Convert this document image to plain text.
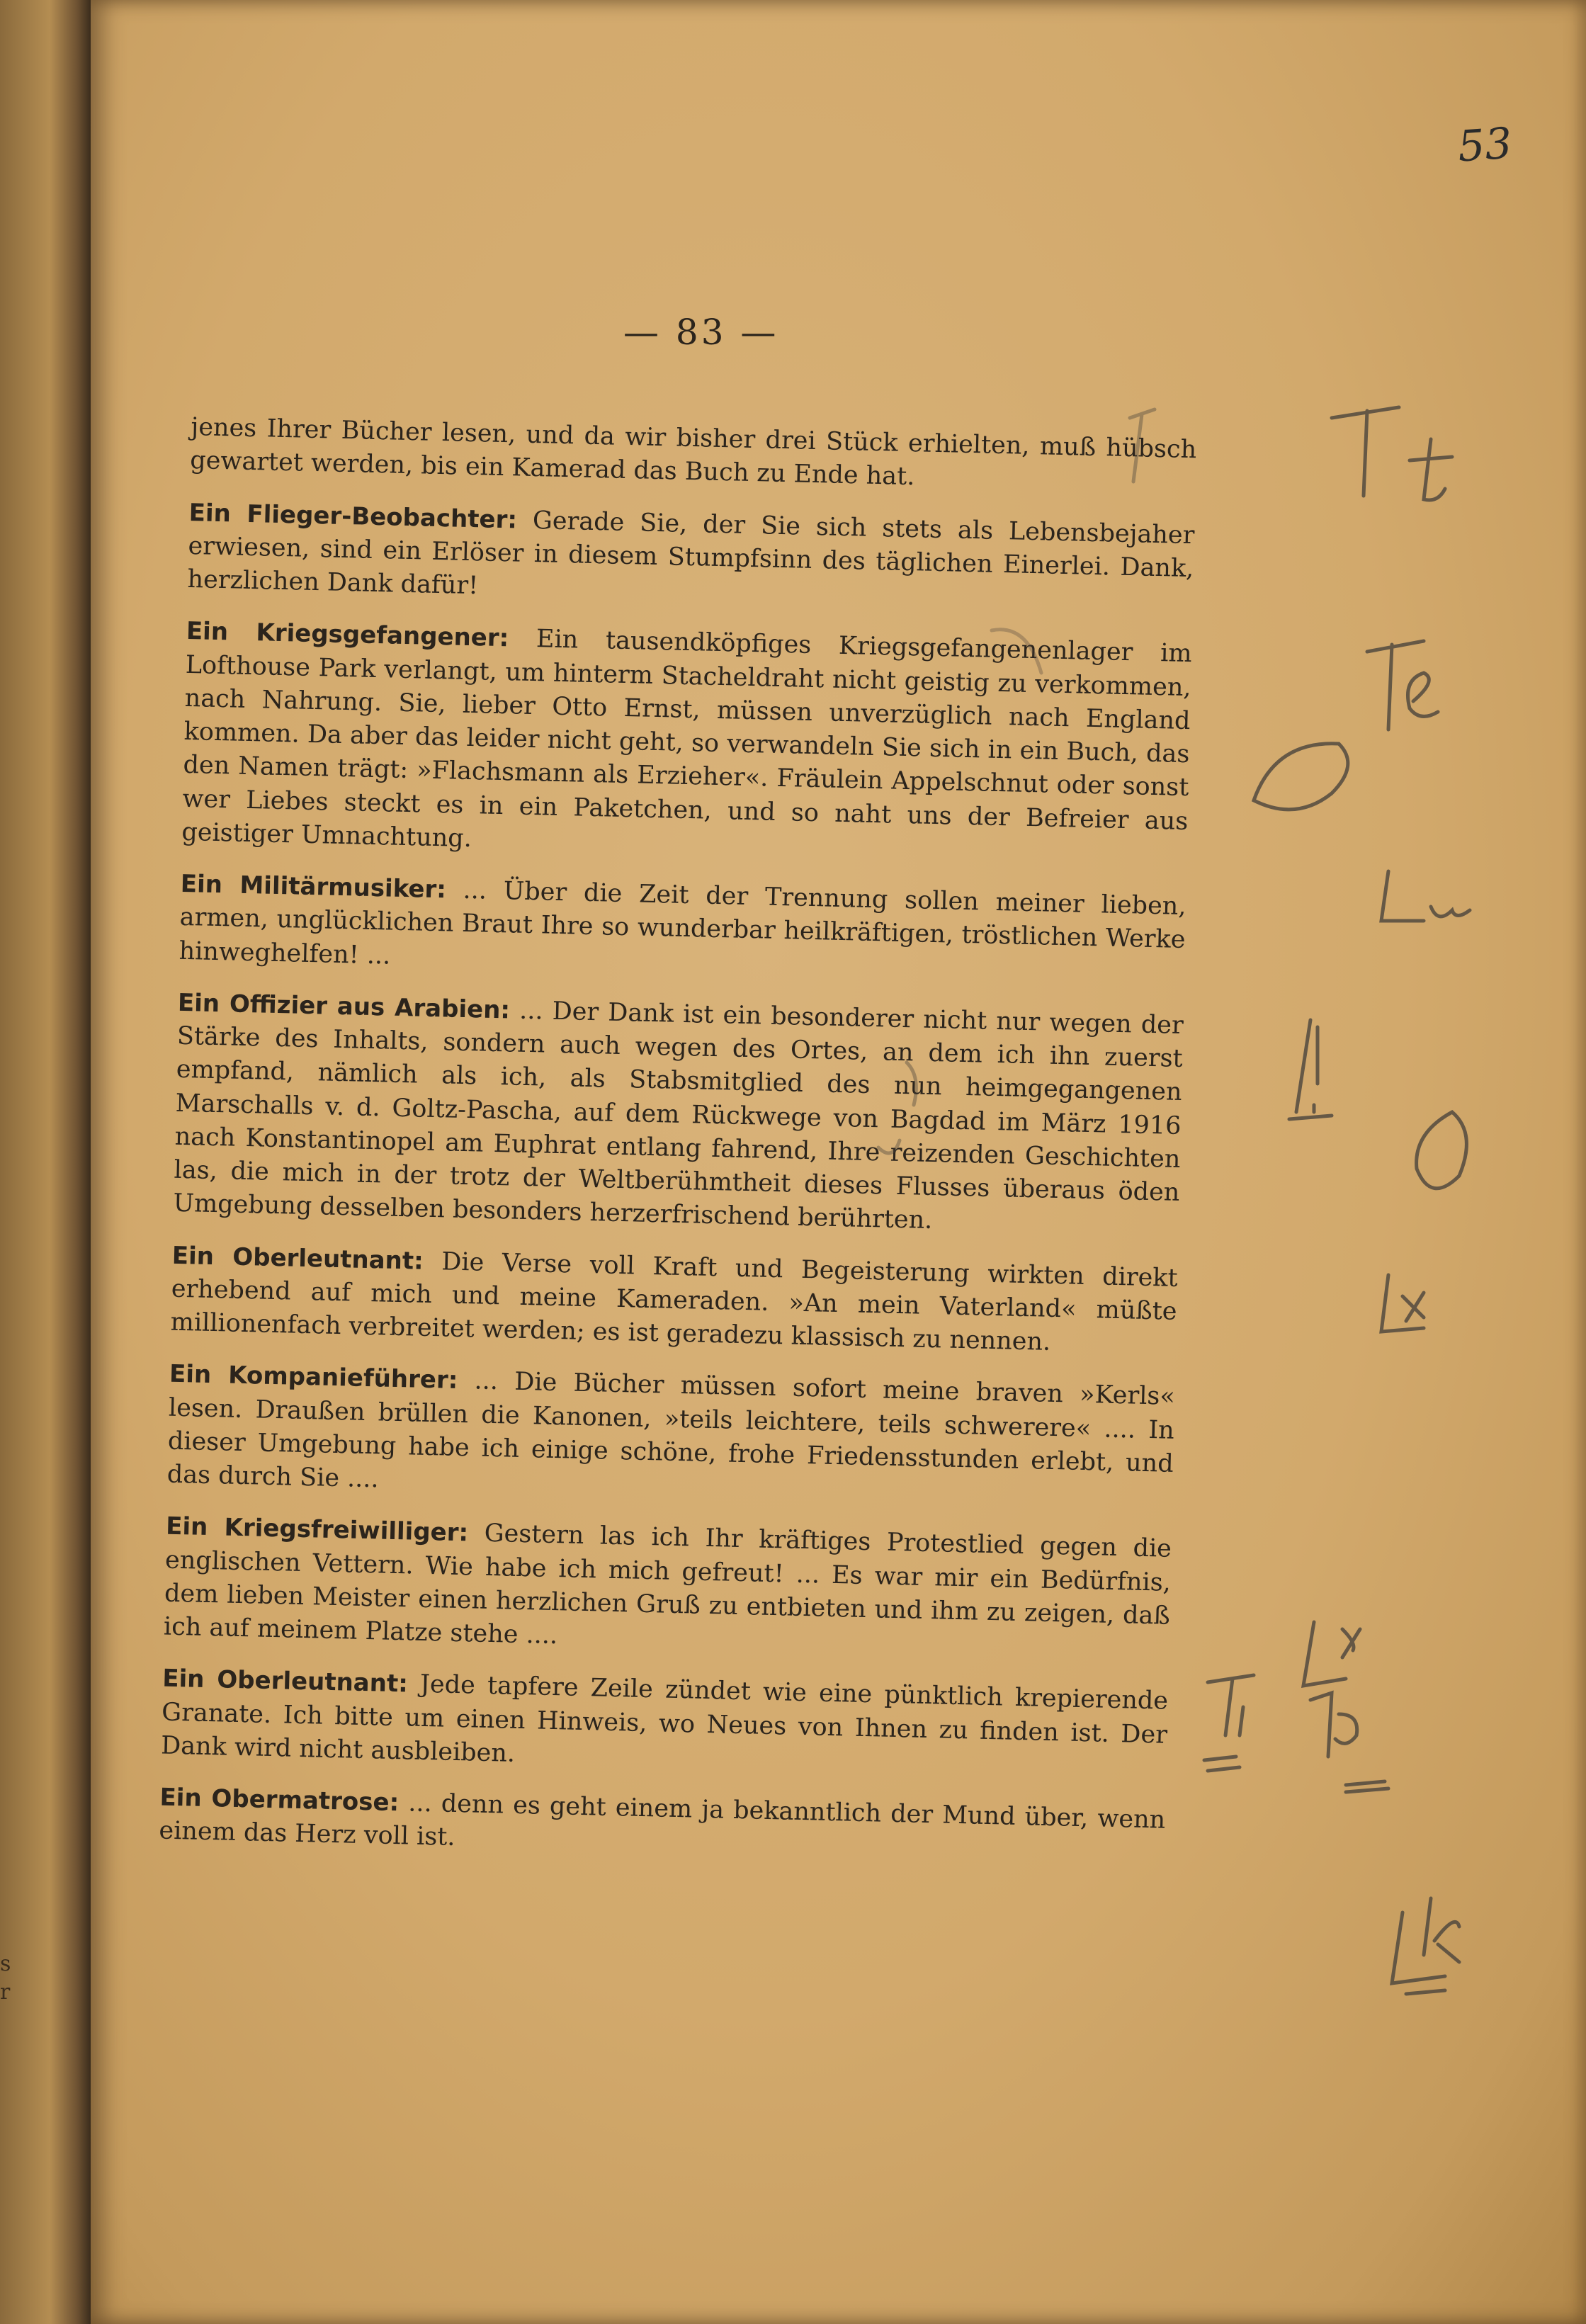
s
r
53
— 83 —

jenes Ihrer Bücher lesen, und da wir bisher drei Stück erhielten, muß hübsch gewartet werden, bis ein Kamerad das Buch zu Ende hat.

Ein Flieger-Beobachter: Gerade Sie, der Sie sich stets als Lebensbejaher erwiesen, sind ein Erlöser in diesem Stumpfsinn des täglichen Einerlei. Dank, herzlichen Dank dafür!

Ein Kriegsgefangener: Ein tausendköpfiges Kriegsgefangenenlager im Lofthouse Park verlangt, um hinterm Stacheldraht nicht geistig zu verkommen, nach Nahrung. Sie, lieber Otto Ernst, müssen unverzüglich nach England kommen. Da aber das leider nicht geht, so verwandeln Sie sich in ein Buch, das den Namen trägt: »Flachsmann als Erzieher«. Fräulein Appelschnut oder sonst wer Liebes steckt es in ein Paketchen, und so naht uns der Befreier aus geistiger Umnachtung.

Ein Militärmusiker: ... Über die Zeit der Trennung sollen meiner lieben, armen, unglücklichen Braut Ihre so wunderbar heilkräftigen, tröstlichen Werke hinweghelfen! ...

Ein Offizier aus Arabien: ... Der Dank ist ein besonderer nicht nur wegen der Stärke des Inhalts, sondern auch wegen des Ortes, an dem ich ihn zuerst empfand, nämlich als ich, als Stabsmitglied des nun heimgegangenen Marschalls v. d. Goltz-Pascha, auf dem Rückwege von Bagdad im März 1916 nach Konstantinopel am Euphrat entlang fahrend, Ihre reizenden Geschichten las, die mich in der trotz der Weltberühmtheit dieses Flusses überaus öden Umgebung desselben besonders herzerfrischend berührten.

Ein Oberleutnant: Die Verse voll Kraft und Begeisterung wirkten direkt erhebend auf mich und meine Kameraden. »An mein Vaterland« müßte millionenfach verbreitet werden; es ist geradezu klassisch zu nennen.

Ein Kompanieführer: ... Die Bücher müssen sofort meine braven »Kerls« lesen. Draußen brüllen die Kanonen, »teils leichtere, teils schwerere« .... In dieser Umgebung habe ich einige schöne, frohe Friedensstunden erlebt, und das durch Sie ....

Ein Kriegsfreiwilliger: Gestern las ich Ihr kräftiges Protestlied gegen die englischen Vettern. Wie habe ich mich gefreut! ... Es war mir ein Bedürfnis, dem lieben Meister einen herzlichen Gruß zu entbieten und ihm zu zeigen, daß ich auf meinem Platze stehe ....

Ein Oberleutnant: Jede tapfere Zeile zündet wie eine pünktlich krepierende Granate. Ich bitte um einen Hinweis, wo Neues von Ihnen zu finden ist. Der Dank wird nicht ausbleiben.

Ein Obermatrose: ... denn es geht einem ja bekanntlich der Mund über, wenn einem das Herz voll ist.
